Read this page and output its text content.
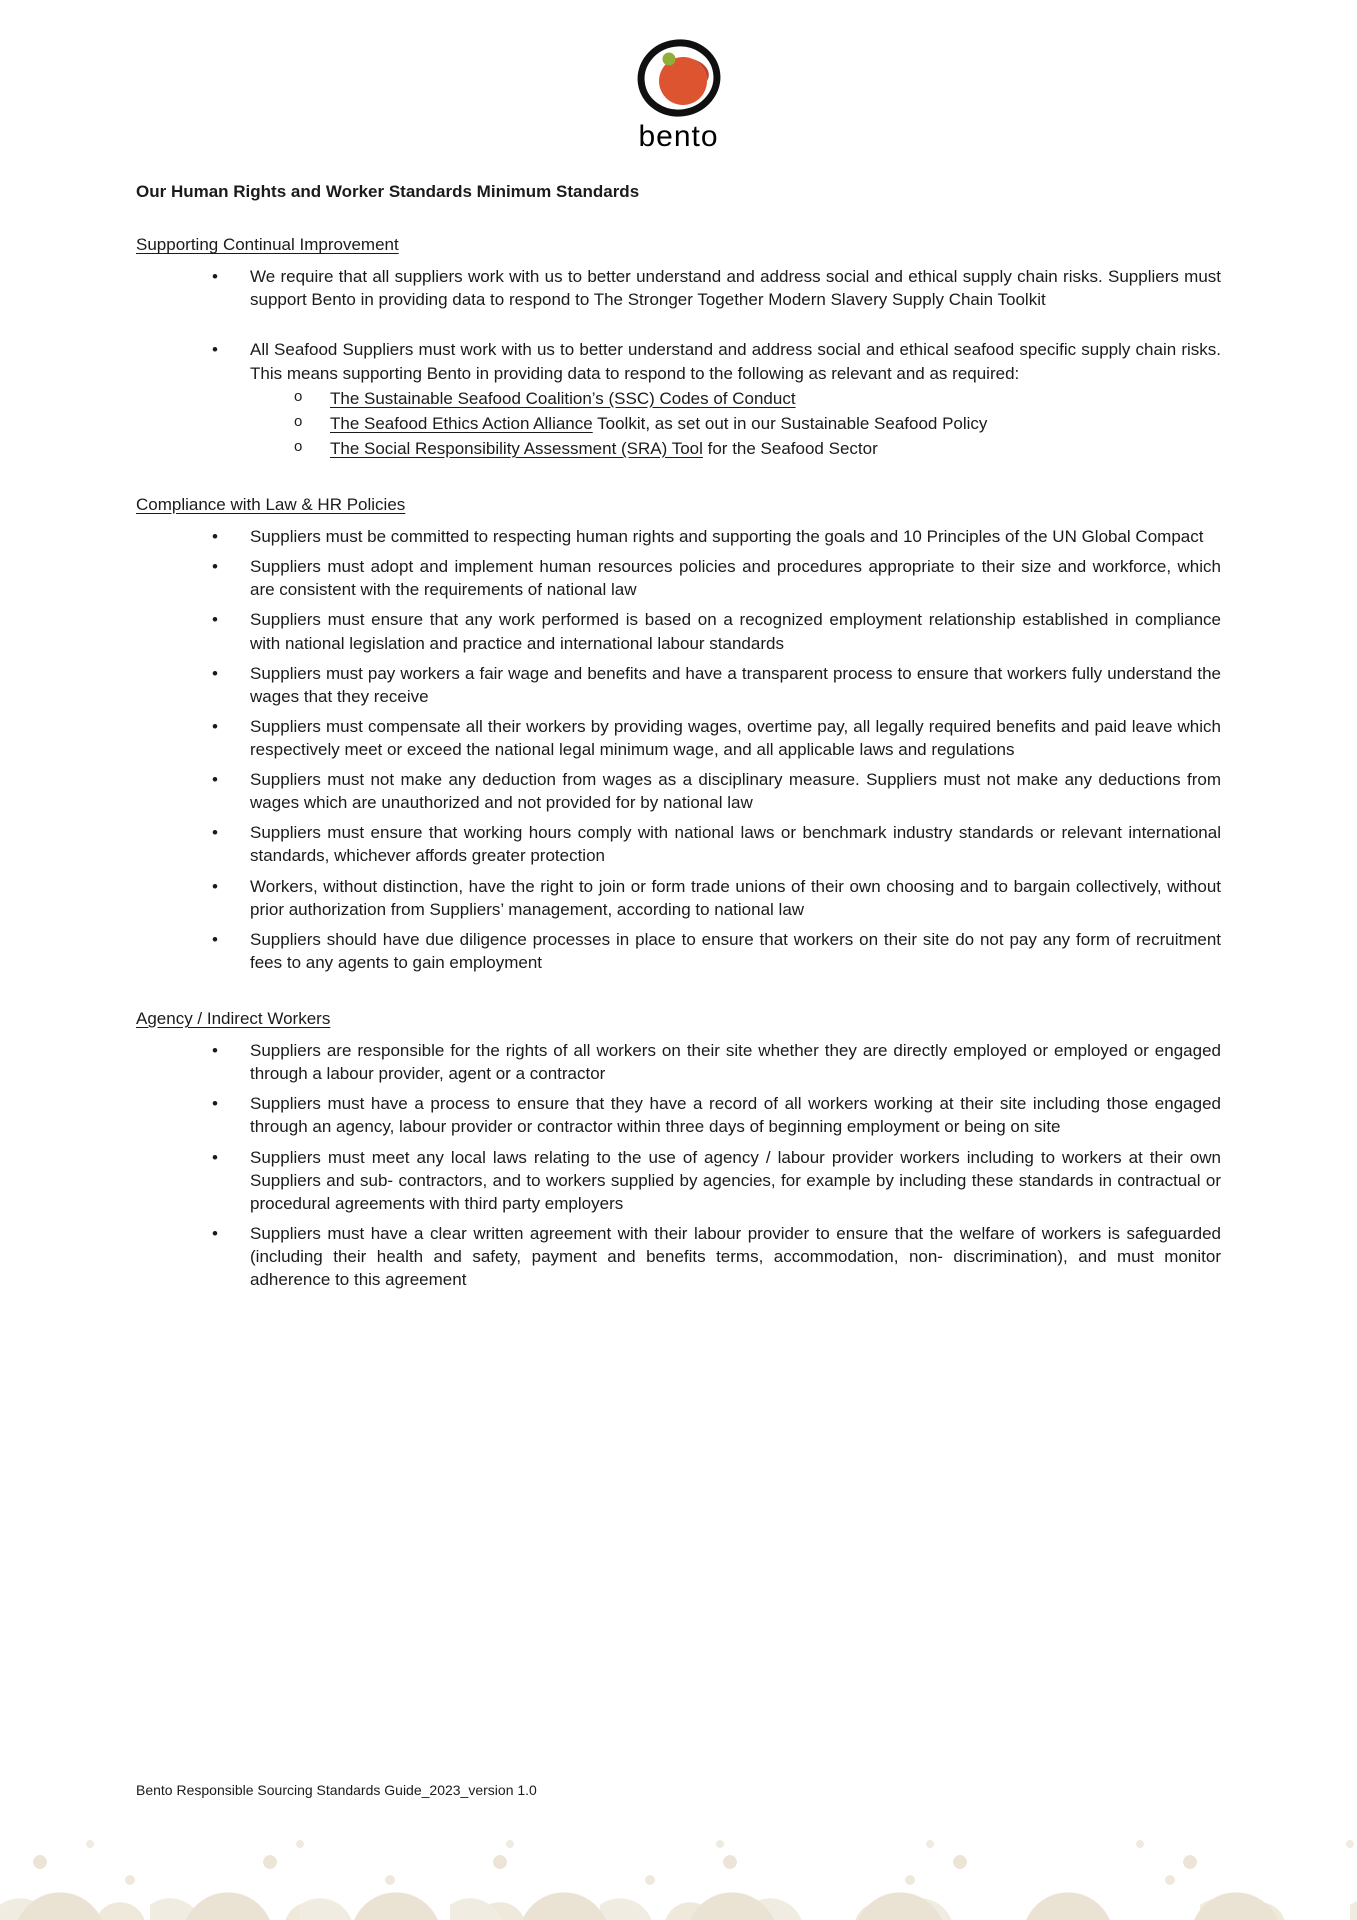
bento

Our Human Rights and Worker Standards Minimum Standards

Supporting Continual Improvement

• We require that all suppliers work with us to better understand and address social and ethical supply chain risks. Suppliers must support Bento in providing data to respond to The Stronger Together Modern Slavery Supply Chain Toolkit
• All Seafood Suppliers must work with us to better understand and address social and ethical seafood specific supply chain risks. This means supporting Bento in providing data to respond to the following as relevant and as required:
o The Sustainable Seafood Coalition’s (SSC) Codes of Conduct
o The Seafood Ethics Action Alliance Toolkit, as set out in our Sustainable Seafood Policy
o The Social Responsibility Assessment (SRA) Tool for the Seafood Sector

Compliance with Law & HR Policies

• Suppliers must be committed to respecting human rights and supporting the goals and 10 Principles of the UN Global Compact
• Suppliers must adopt and implement human resources policies and procedures appropriate to their size and workforce, which are consistent with the requirements of national law
• Suppliers must ensure that any work performed is based on a recognized employment relationship established in compliance with national legislation and practice and international labour standards
• Suppliers must pay workers a fair wage and benefits and have a transparent process to ensure that workers fully understand the wages that they receive
• Suppliers must compensate all their workers by providing wages, overtime pay, all legally required benefits and paid leave which respectively meet or exceed the national legal minimum wage, and all applicable laws and regulations
• Suppliers must not make any deduction from wages as a disciplinary measure. Suppliers must not make any deductions from wages which are unauthorized and not provided for by national law
• Suppliers must ensure that working hours comply with national laws or benchmark industry standards or relevant international standards, whichever affords greater protection
• Workers, without distinction, have the right to join or form trade unions of their own choosing and to bargain collectively, without prior authorization from Suppliers’ management, according to national law
• Suppliers should have due diligence processes in place to ensure that workers on their site do not pay any form of recruitment fees to any agents to gain employment

Agency / Indirect Workers

• Suppliers are responsible for the rights of all workers on their site whether they are directly employed or employed or engaged through a labour provider, agent or a contractor
• Suppliers must have a process to ensure that they have a record of all workers working at their site including those engaged through an agency, labour provider or contractor within three days of beginning employment or being on site
• Suppliers must meet any local laws relating to the use of agency / labour provider workers including to workers at their own Suppliers and sub- contractors, and to workers supplied by agencies, for example by including these standards in contractual or procedural agreements with third party employers
• Suppliers must have a clear written agreement with their labour provider to ensure that the welfare of workers is safeguarded (including their health and safety, payment and benefits terms, accommodation, non- discrimination), and must monitor adherence to this agreement
Bento Responsible Sourcing Standards Guide_2023_version 1.0
